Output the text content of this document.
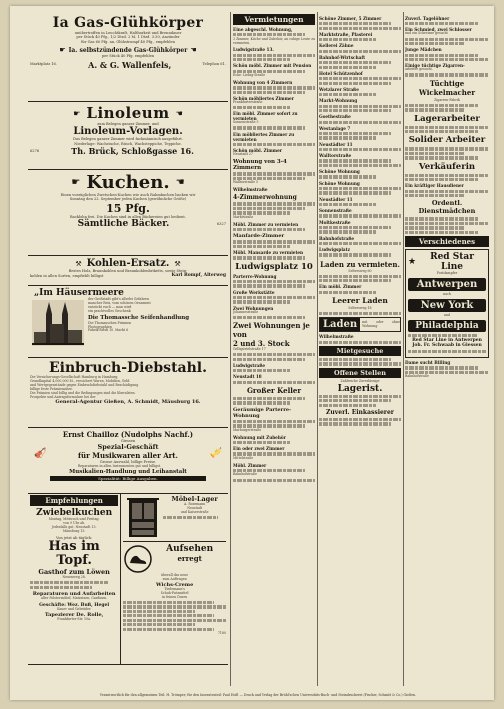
Ia Gas-Glühkörper
unübertroffen in Leuchtkraft, Haltbarkeit und Brenndauer
per Stück 40 Pfg., 1/2 Dtzd. 2 M, 1 Dtzd. 3.50, Anzünder
für Gas 60 Pfg. an, Glühstrumpf 40 Pfg., empfehlen
☛ Ia. selbstzündende Gas-Glühkörper ☚
per Stück 40 Pfg. empfehlen
Marktplatz 16.	A. & G. Wallenfels,	Telephon 61.
☛ Linoleum ☚
zum Belegen ganzer Zimmer, und
Linoleum-Vorlagen.
Das Belegen ganzer Zimmer wird fachmännisch ausgeführt.
Niederlage: Wachstuche, Rüsch, Wachsteppiche, Teppiche.
6276	Th. Brück, Schloßgasse 16.
☛ Kuchen. ☚
Einen vorzüglichen Zwetschen-Kuchen wie auch Rahmkuchen backen wir
Sonntag den 22. September jeden Kuchen (gewöhnliche Größe)
15 Pfg.
Backlohn frei. Die Kuchen sind in allen Bäckereien gut bedient.
Sämtliche Bäcker.	6327
⚒ Kohlen-Ersatz. ⚒
Bestes Holz, Braunkohlen und Braunkohlenbriketts, sowie Stein-
kohlen in allen Sorten, empfiehlt billigst	Karl Rompf, Alterweg
„Im Häusermeere
der Großstadt gibt's allerlei Gefahren
mancher Reiz, vom schönen Ornament
entzückt euch — man wird
ein prachtvolles Geschenk
Die Thomassche Seifenhandlung
Die Thomasschen Prämien
Photographien
Fabrik-Riedt 10. Markt 6
Einbruch-Diebstahl.
Die Versicherungs-Gesellschaft Hamburg in Hamburg,
Grundkapital 4,000,000 M., versichert Waren, Mobilien, Geld
und Wertgegenstände gegen Einbruchdiebstahl und Beschädigung
billige feste Prämiensätze.
Die Prämien sind billig und die Bedingungen sind die liberalsten.
Prospekte und Antragsformulare bei der
General-Agentur Gießen, A. Schmidt, Mäusburg 16.
Ernst Chailloz (Nudolphs Nachf.)
🎻
Giessen
Spezial-Geschäft
für Musikwaren aller Art.
Grosse Auswahl, billige Preise.
Reparaturen in allen Instrumenten gut und billigst.
🎺
Musikalien-Handlung und Leihanstalt
Spezialität: Billige Ausgaben.
Empfehlungen
Zwiebelkuchen
Montag, Mittwoch und Freitag.
von 9 Uhr ab.
Jedesfalls gut, Neustadt 13.
Mäusburg 13.
Von jetzt ab täglich:
Has im Topf.
Gasthof zum Löwen
Neuenweg 28.
Reparaturen und Aufarbeiten
aller Polstermöbel, Matratzen, Gardinen.
Geschäfte: Wez. Buß, Hegel
Kauer und Gebrüder.
Tapezierer De. Rolle,
Frankfurter-Str. 10a.
Möbel-Lager
A. Rosemann
Neustadt
und Kaiserstraße
Aufsehen
erregt
überall das neue
zum Auftragen
Wichs-Creme
Tiedemann's
Schuh-Putzmittel
in feinen Dosen
7180
Vermietungen
Eine abgeschl. Wohnung,
3 Zimmer, Küche und Zubehör, an ruhige Leute zu vermieten.
Ludwigstraße 13.
Schön möbl. Zimmer mit Pension
Ecke: Liebig-Straße
Wohnung von 4 Zimmern
Schön möbliertes Zimmer
Frankfurterstraße
Ein möbl. Zimmer sofort zu vermieten
Sonnenstraße 5
Ein möbliertes Zimmer zu vermieten
Schön möbl. Zimmer
Neustadt 27
Wohnung von 3-4 Zimmern
Walltorstraße 5
Wilhelmstraße
4-Zimmerwohnung
Marktstraße
Möbl. Zimmer zu vermieten
Manfarde-Zimmer
Möbl. Mansarde zu vermieten
Ludwigsplatz 10
Parterre-Wohnung
Große Werkstätte
Zwei Wohnungen
Johannesstraße
Zwei Wohnungen je von
2 und 3. Stock
Gelbgürtelstraße 17
Ludwigstraße
Neustadt 18
Großer Keller
Geräumige Parterre-Wohnung
Marburgerstraße
Wohnung mit Zubehör
Ein oder zwei Zimmer
Mittelstraße
Möbl. Zimmer
Bahnhofstraße
Schöne Zimmer, 5 Zimmer
Marktstraße, Plasterei
Kellerei Zähne
Bahnhof-Wirtschaft
Hotel Schützenhof
Wetzlarer Straße
Markt-Wohnung
Goethestraße
Westanlage 7
Neustädter 11
Walltorstraße
Schöne Wohnung
Schöne Wohnung
Neustädter 11
Sonnenstraße
Moltkestraße
Bahnhofstraße
Ludwigsplatz
Laden zu vermieten.
Seltersweg 60
Ein möbl. Zimmer
Leerer Laden
Seltersweg 18
Laden	mit oder ohne Wohnung
Wilhelmstraße
Mietgesuche
Offene Stellen
Zahlreiche Zuverlässige
Lagerist.
Zuverl. Einkassierer
Zuverl. Tagelöhner
Ein Schmied, zwei Schlosser
und ein Schreiner gesucht
Junge Mädchen
Einige tüchtige Zigarren-
arbeiter gesucht.
Tüchtige Wickelmacher
Zigarren-Fabrik
Lagerarbeiter
Solider Arbeiter
Verkäuferin
Ein kräftiger Hausdiener
Ordentl. Dienstmädchen
Verschiedenes
★	Red Star Line
Postdampfer
Antwerpen
nach
New York
und
Philadelphia
Red Star Line in Antwerpen
Joh. Fr. Schwaab in Giessen
Dame sucht Billing
Bahnhofstraße
Verantwortlich für den allgemeinen Teil: H. Trömper; für den Inseratenteil: Paul Hoff. — Druck und Verlag der Brühl'schen Universitäts-Buch- und Steindruckerei (Fischer, Schmitt & Co.) Gießen.
